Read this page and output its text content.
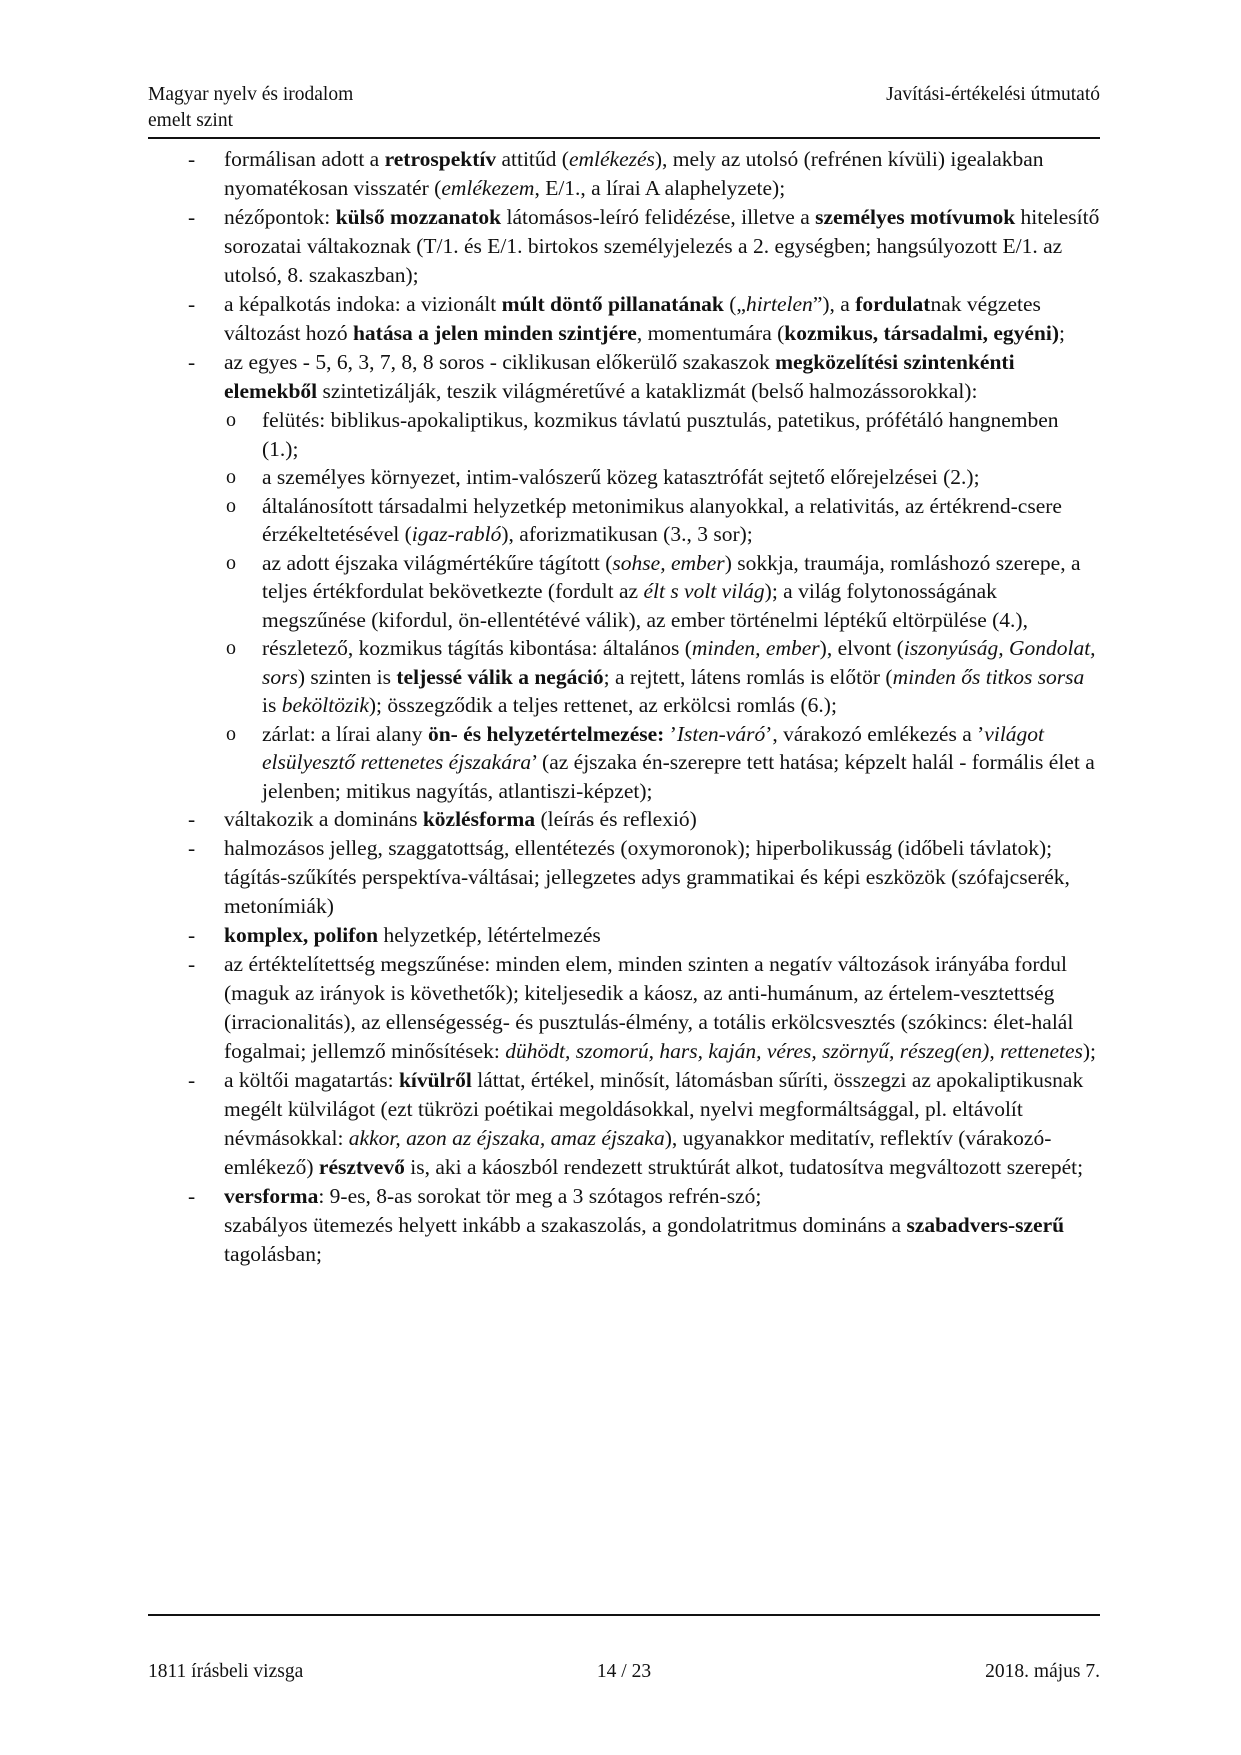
Magyar nyelv és irodalom
emelt szint
Javítási-értékelési útmutató
- formálisan adott a retrospektív attitűd (emlékezés), mely az utolsó (refrénen kívüli) igealakban nyomatékosan visszatér (emlékezem, E/1., a lírai A alaphelyzete);
- nézőpontok: külső mozzanatok látomásos-leíró felidézése, illetve a személyes motívumok hitelesítő sorozatai váltakoznak (T/1. és E/1. birtokos személyjelezés a 2. egységben; hangsúlyozott E/1. az utolsó, 8. szakaszban);
- a képalkotás indoka: a vizionált múlt döntő pillanatának („hirtelen”), a fordulatnak végzetes változást hozó hatása a jelen minden szintjére, momentumára (kozmikus, társadalmi, egyéni);
- az egyes - 5, 6, 3, 7, 8, 8 soros - ciklikusan előkerülő szakaszok megközelítési szintenkénti elemekből szintetizálják, teszik világméretűvé a kataklizmát (belső halmozássorokkal):
o felütés: biblikus-apokaliptikus, kozmikus távlatú pusztulás, patetikus, prófétáló hangnemben (1.);
o a személyes környezet, intim-valószerű közeg katasztrófát sejtető előrejelzései (2.);
o általánosított társadalmi helyzetkép metonimikus alanyokkal, a relativitás, az értékrend-csere érzékeltetésével (igaz-rabló), aforizmatikusan (3., 3 sor);
o az adott éjszaka világmértékűre tágított (sohse, ember) sokkja, traumája, romláshozó szerepe, a teljes értékfordulat bekövetkezte (fordult az élt s volt világ); a világ folytonosságának megszűnése (kifordul, ön-ellentétévé válik), az ember történelmi léptékű eltörpülése (4.),
o részletező, kozmikus tágítás kibontása: általános (minden, ember), elvont (iszonyúság, Gondolat, sors) szinten is teljessé válik a negáció; a rejtett, látens romlás is előtör (minden ős titkos sorsa is beköltözik); összegződik a teljes rettenet, az erkölcsi romlás (6.);
o zárlat: a lírai alany ön- és helyzetértelmezése: ’Isten-váró’, várakozó emlékezés a ’világot elsülyesztő rettenetes éjszakára’ (az éjszaka én-szerepre tett hatása; képzelt halál - formális élet a jelenben; mitikus nagyítás, atlantiszi-képzet);
- váltakozik a domináns közlésforma (leírás és reflexió)
- halmozásos jelleg, szaggatottság, ellentétezés (oxymoronok); hiperbolikusság (időbeli távlatok); tágítás-szűkítés perspektíva-váltásai; jellegzetes adys grammatikai és képi eszközök (szófajcserék, metonímiák)
- komplex, polifon helyzetkép, létértelmezés
- az értéktelítettség megszűnése: minden elem, minden szinten a negatív változások irányába fordul (maguk az irányok is követhetők); kiteljesedik a káosz, az anti-humánum, az értelem-vesztettség (irracionalitás), az ellenségesség- és pusztulás-élmény, a totális erkölcsvesztés (szókincs: élet-halál fogalmai; jellemző minősítések: dühödt, szomorú, hars, kaján, véres, szörnyű, részeg(en), rettenetes);
- a költői magatartás: kívülről láttat, értékel, minősít, látomásban sűríti, összegzi az apokaliptikusnak megélt külvilágot (ezt tükrözi poétikai megoldásokkal, nyelvi megformáltsággal, pl. eltávolít névmásokkal: akkor, azon az éjszaka, amaz éjszaka), ugyanakkor meditatív, reflektív (várakozó-emlékező) résztvevő is, aki a káoszból rendezett struktúrát alkot, tudatosítva megváltozott szerepét;
- versforma: 9-es, 8-as sorokat tör meg a 3 szótagos refrén-szó;
szabályos ütemezés helyett inkább a szakaszolás, a gondolatritmus domináns a szabadvers-szerű tagolásban;
1811 írásbeli vizsga	14 / 23	2018. május 7.
